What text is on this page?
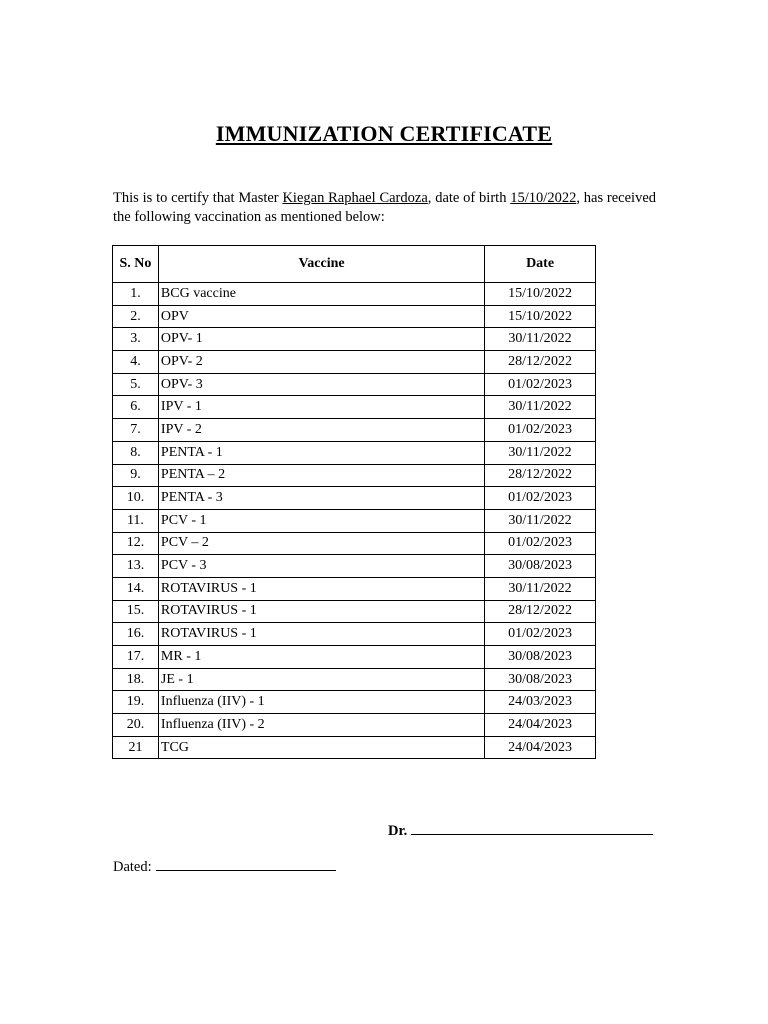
IMMUNIZATION CERTIFICATE
This is to certify that Master Kiegan Raphael Cardoza, date of birth 15/10/2022, has received the following vaccination as mentioned below:
S. No	Vaccine	Date
1.	BCG vaccine	15/10/2022
2.	OPV	15/10/2022
3.	OPV- 1	30/11/2022
4.	OPV- 2	28/12/2022
5.	OPV- 3	01/02/2023
6.	IPV - 1	30/11/2022
7.	IPV - 2	01/02/2023
8.	PENTA - 1	30/11/2022
9.	PENTA – 2	28/12/2022
10.	PENTA - 3	01/02/2023
11.	PCV - 1	30/11/2022
12.	PCV – 2	01/02/2023
13.	PCV - 3	30/08/2023
14.	ROTAVIRUS - 1	30/11/2022
15.	ROTAVIRUS - 1	28/12/2022
16.	ROTAVIRUS - 1	01/02/2023
17.	MR - 1	30/08/2023
18.	JE - 1	30/08/2023
19.	Influenza (IIV) - 1	24/03/2023
20.	Influenza (IIV) - 2	24/04/2023
21	TCG	24/04/2023
Dr.
Dated:
